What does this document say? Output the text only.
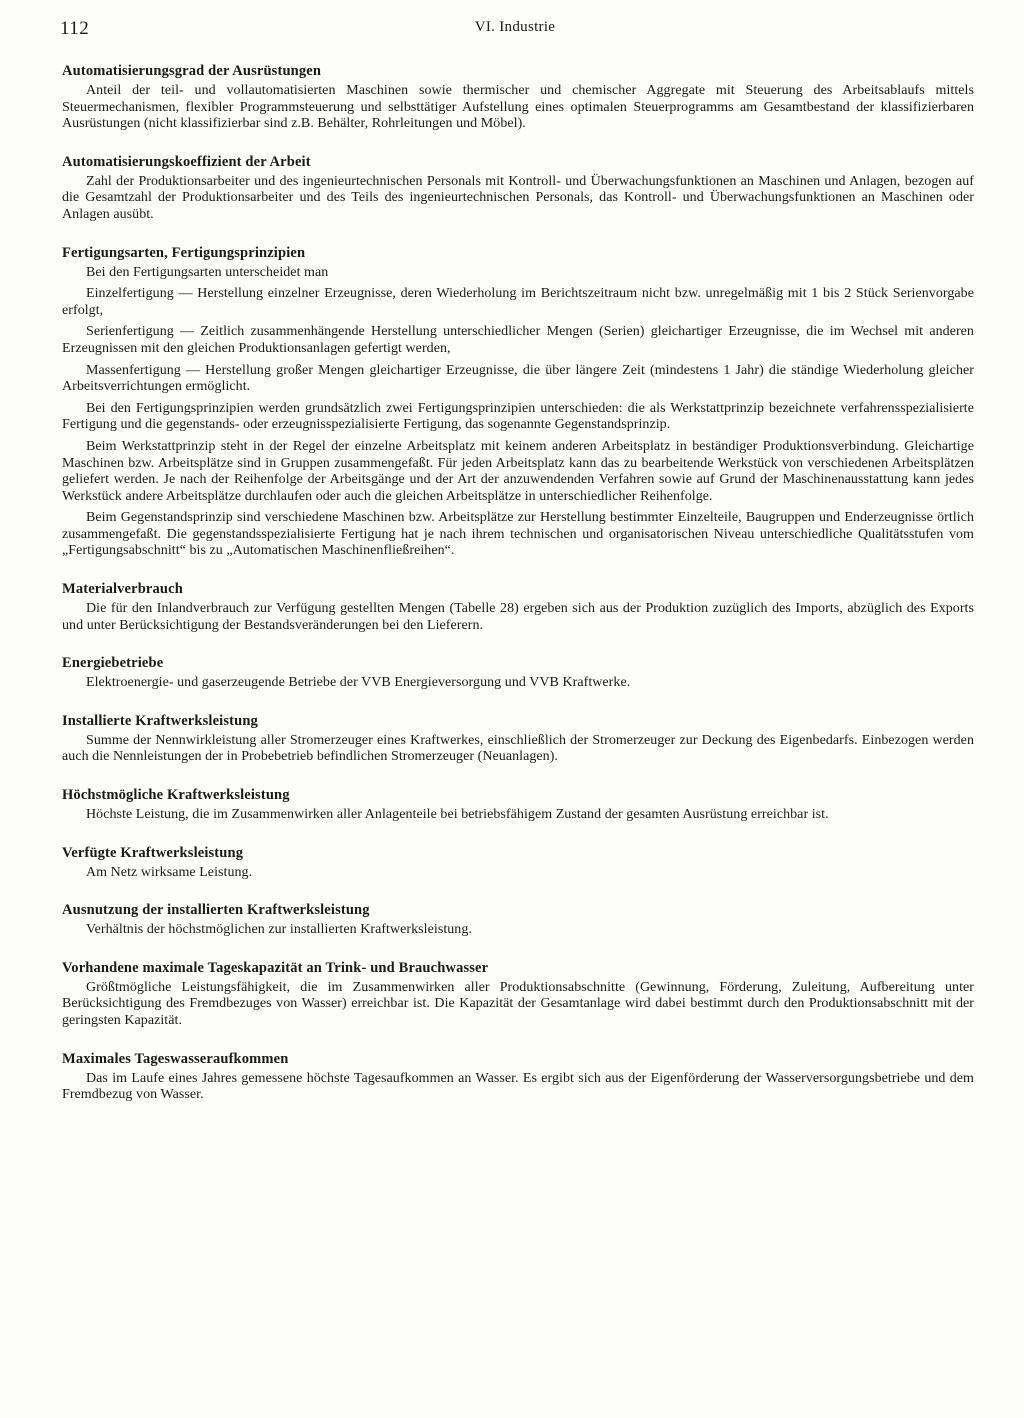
112	VI. Industrie
Automatisierungsgrad der Ausrüstungen

Anteil der teil- und vollautomatisierten Maschinen sowie thermischer und chemischer Aggregate mit Steuerung des Arbeitsablaufs mittels Steuermechanismen, flexibler Programmsteuerung und selbsttätiger Aufstellung eines optimalen Steuerprogramms am Gesamtbestand der klassifizierbaren Ausrüstungen (nicht klassifizierbar sind z.B. Behälter, Rohrleitungen und Möbel).

Automatisierungskoeffizient der Arbeit

Zahl der Produktionsarbeiter und des ingenieurtechnischen Personals mit Kontroll- und Überwachungsfunktionen an Maschinen und Anlagen, bezogen auf die Gesamtzahl der Produktionsarbeiter und des Teils des ingenieurtechnischen Personals, das Kontroll- und Überwachungsfunktionen an Maschinen oder Anlagen ausübt.

Fertigungsarten, Fertigungsprinzipien

Bei den Fertigungsarten unterscheidet man

Einzelfertigung — Herstellung einzelner Erzeugnisse, deren Wiederholung im Berichtszeitraum nicht bzw. unregelmäßig mit 1 bis 2 Stück Serienvorgabe erfolgt,

Serienfertigung — Zeitlich zusammenhängende Herstellung unterschiedlicher Mengen (Serien) gleichartiger Erzeugnisse, die im Wechsel mit anderen Erzeugnissen mit den gleichen Produktionsanlagen gefertigt werden,

Massenfertigung — Herstellung großer Mengen gleichartiger Erzeugnisse, die über längere Zeit (mindestens 1 Jahr) die ständige Wiederholung gleicher Arbeitsverrichtungen ermöglicht.

Bei den Fertigungsprinzipien werden grundsätzlich zwei Fertigungsprinzipien unterschieden: die als Werkstattprinzip bezeichnete verfahrensspezialisierte Fertigung und die gegenstands- oder erzeugnisspezialisierte Fertigung, das sogenannte Gegenstandsprinzip.

Beim Werkstattprinzip steht in der Regel der einzelne Arbeitsplatz mit keinem anderen Arbeitsplatz in beständiger Produktionsverbindung. Gleichartige Maschinen bzw. Arbeitsplätze sind in Gruppen zusammengefaßt. Für jeden Arbeitsplatz kann das zu bearbeitende Werkstück von verschiedenen Arbeitsplätzen geliefert werden. Je nach der Reihenfolge der Arbeitsgänge und der Art der anzuwendenden Verfahren sowie auf Grund der Maschinenausstattung kann jedes Werkstück andere Arbeitsplätze durchlaufen oder auch die gleichen Arbeitsplätze in unterschiedlicher Reihenfolge.

Beim Gegenstandsprinzip sind verschiedene Maschinen bzw. Arbeitsplätze zur Herstellung bestimmter Einzelteile, Baugruppen und Enderzeugnisse örtlich zusammengefaßt. Die gegenstandsspezialisierte Fertigung hat je nach ihrem technischen und organisatorischen Niveau unterschiedliche Qualitätsstufen vom „Fertigungsabschnitt“ bis zu „Automatischen Maschinenfließreihen“.

Materialverbrauch

Die für den Inlandverbrauch zur Verfügung gestellten Mengen (Tabelle 28) ergeben sich aus der Produktion zuzüglich des Imports, abzüglich des Exports und unter Berücksichtigung der Bestandsveränderungen bei den Lieferern.

Energiebetriebe

Elektroenergie- und gaserzeugende Betriebe der VVB Energieversorgung und VVB Kraftwerke.

Installierte Kraftwerksleistung

Summe der Nennwirkleistung aller Stromerzeuger eines Kraftwerkes, einschließlich der Stromerzeuger zur Deckung des Eigenbedarfs. Einbezogen werden auch die Nennleistungen der in Probebetrieb befindlichen Stromerzeuger (Neuanlagen).

Höchstmögliche Kraftwerksleistung

Höchste Leistung, die im Zusammenwirken aller Anlagenteile bei betriebsfähigem Zustand der gesamten Ausrüstung erreichbar ist.

Verfügte Kraftwerksleistung

Am Netz wirksame Leistung.

Ausnutzung der installierten Kraftwerksleistung

Verhältnis der höchstmöglichen zur installierten Kraftwerksleistung.

Vorhandene maximale Tageskapazität an Trink- und Brauchwasser

Größtmögliche Leistungsfähigkeit, die im Zusammenwirken aller Produktionsabschnitte (Gewinnung, Förderung, Zuleitung, Aufbereitung unter Berücksichtigung des Fremdbezuges von Wasser) erreichbar ist. Die Kapazität der Gesamtanlage wird dabei bestimmt durch den Produktionsabschnitt mit der geringsten Kapazität.

Maximales Tageswasseraufkommen

Das im Laufe eines Jahres gemessene höchste Tagesaufkommen an Wasser. Es ergibt sich aus der Eigenförderung der Wasserversorgungsbetriebe und dem Fremdbezug von Wasser.
